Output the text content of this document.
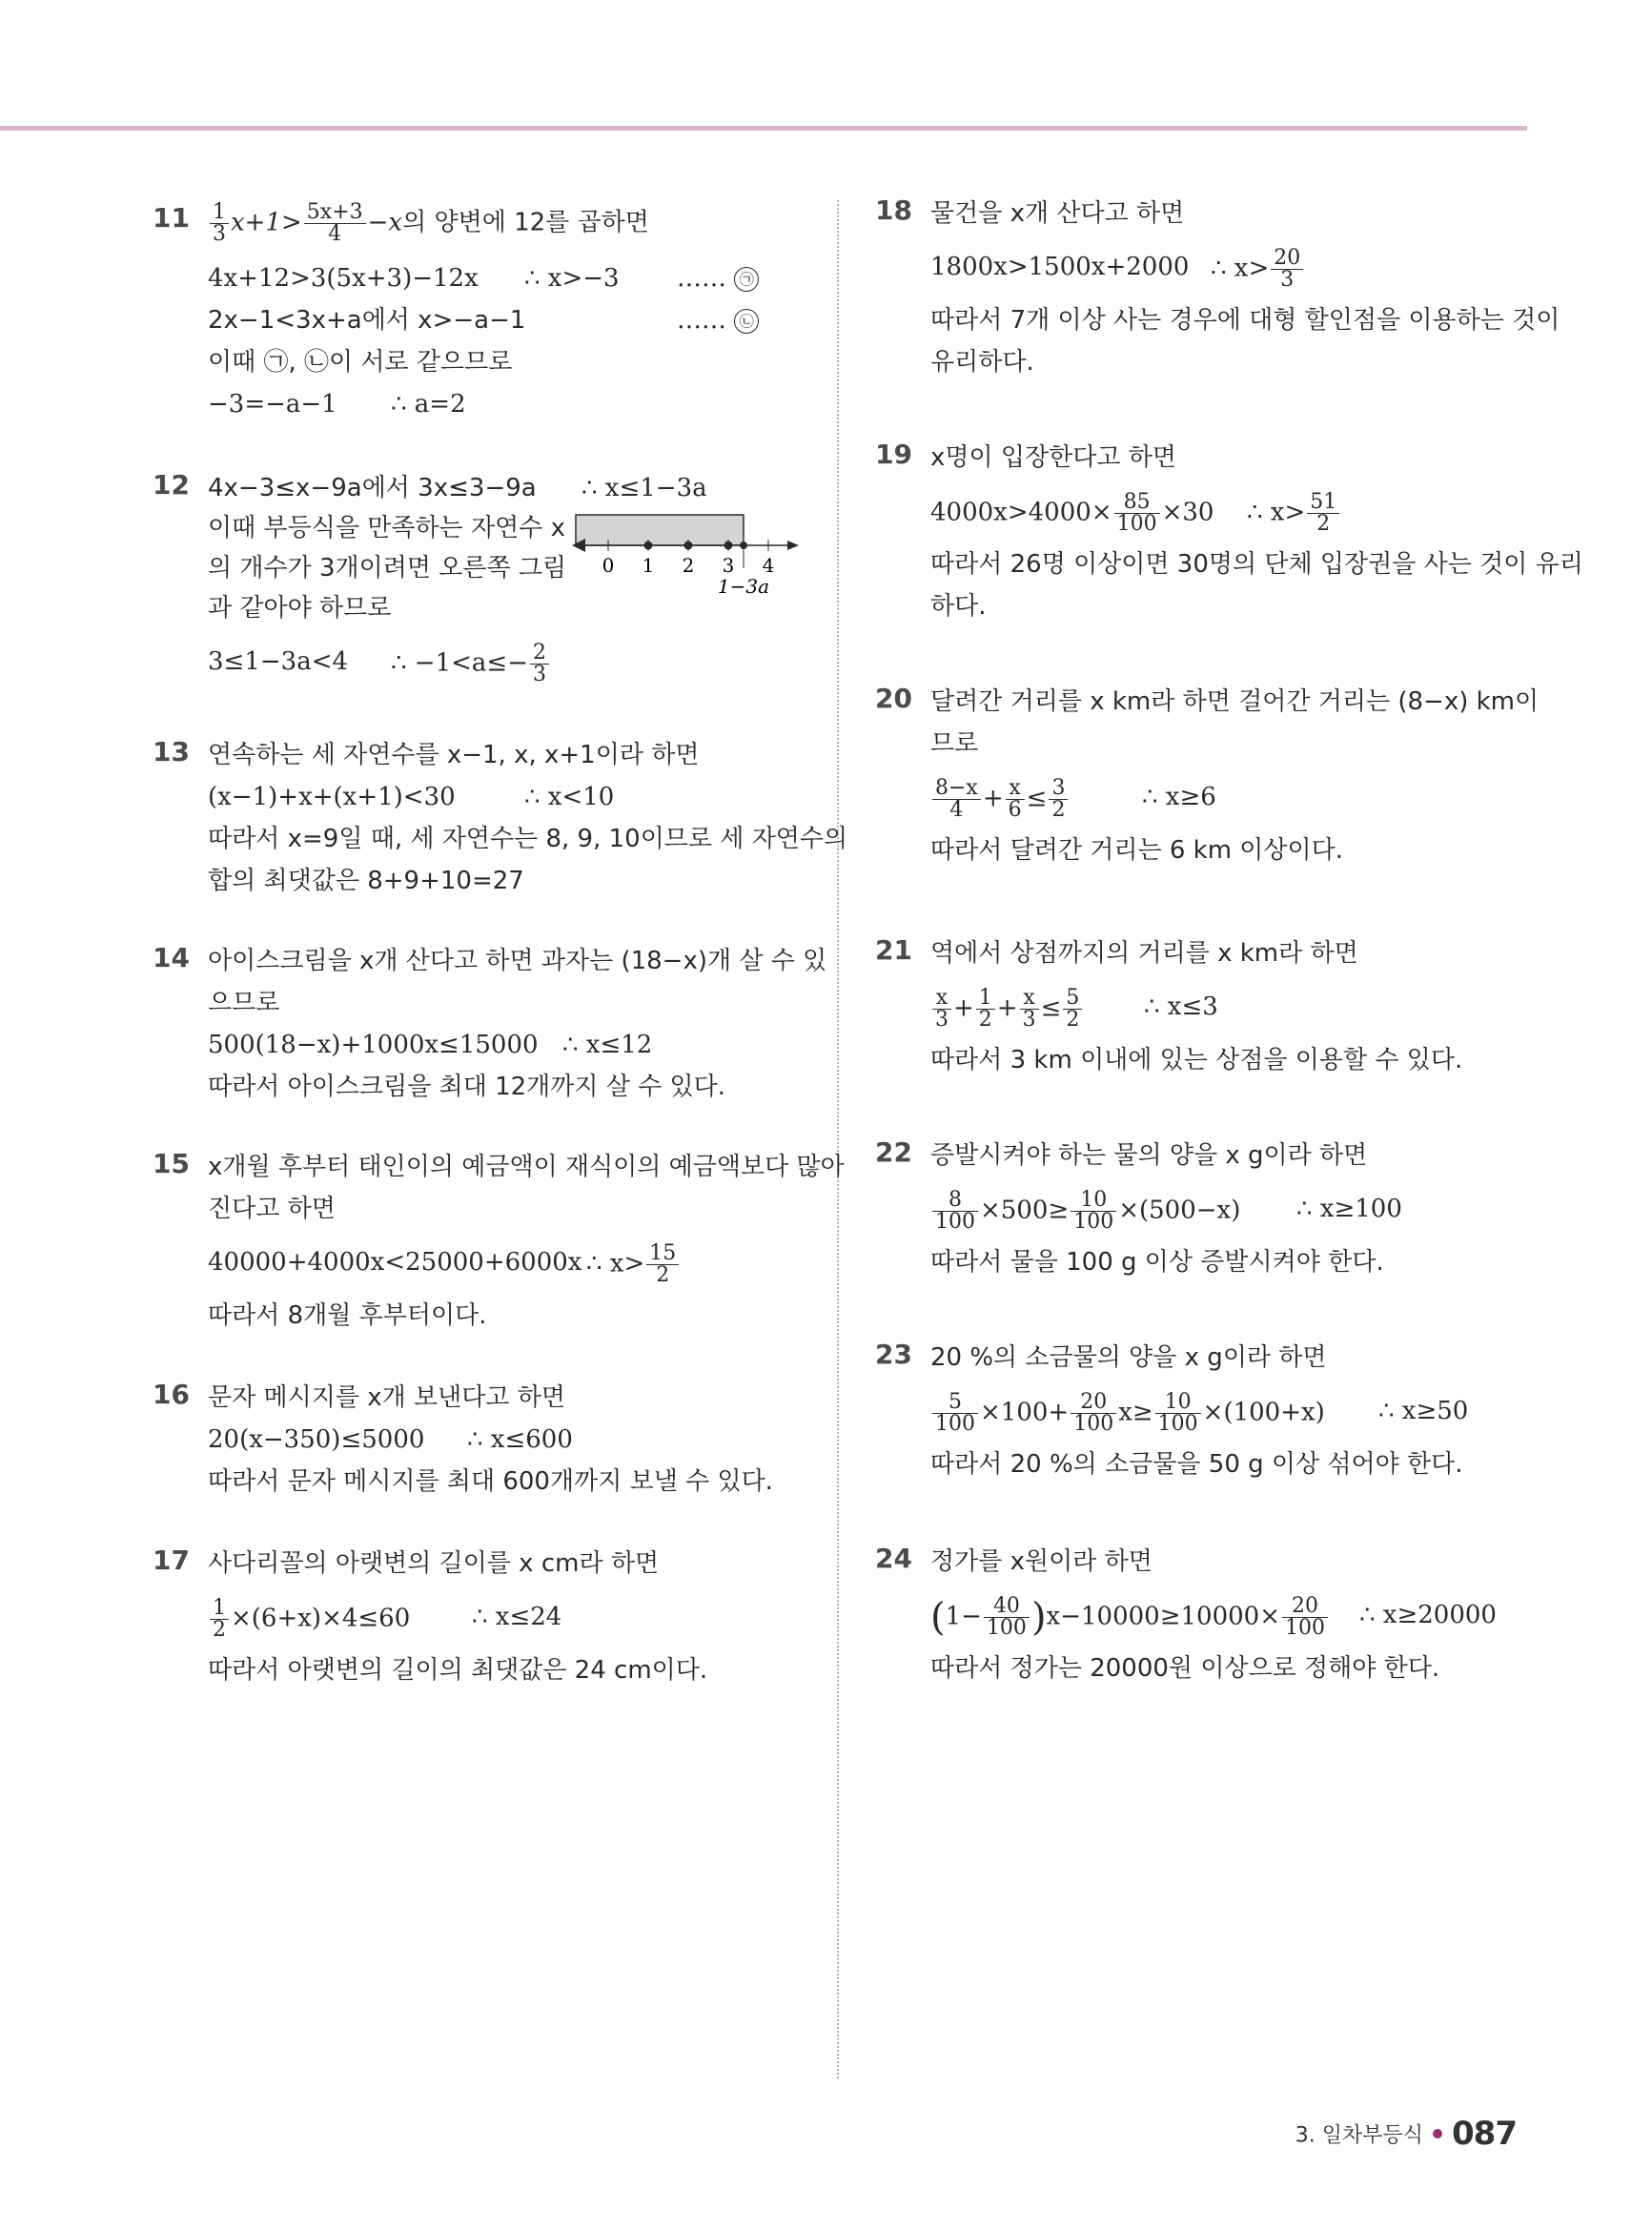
$11 \frac{1}{3} x+1> \frac{5x+3}{4} -x$의 양변에 12를 곱하면
4x+12>3(5x+3)−12x ∴ x>−3 …… ㉠
2x−1<3x+a에서 x>−a−1	…… ㉡
이때 ㉠, ㉡이 서로 같으므로
−3=−a−1 ∴ a=2
12 4x−3≤x−9a에서 3x≤3−9a ∴ x≤1−3a
이때 부등식을 만족하는 자연수 x
의 개수가 3개이려면 오른쪽 그림
과 같아야 하므로
3≤1−3a<4 ∴ $-1<a\le- \frac{2}{3}$
0 1 2 3 4
1−3a
13 연속하는 세 자연수를 x−1, x, x+1이라 하면
(x−1)+x+(x+1)<30	∴ x<10
따라서 x=9일 때, 세 자연수는 8, 9, 10이므로 세 자연수의
합의 최댓값은 8+9+10=27
14 아이스크림을 x개 산다고 하면 과자는 (18−x)개 살 수 있
으므로
500(18−x)+1000x≤15000 ∴ x≤12
따라서 아이스크림을 최대 12개까지 살 수 있다.
15 x개월 후부터 태인이의 예금액이 재식이의 예금액보다 많아
진다고 하면
40000+4000x<25000+6000x ∴ $x> \frac{15}{2}$
따라서 8개월 후부터이다.
16 문자 메시지를 x개 보낸다고 하면
20(x−350)≤5000 ∴ x≤600
따라서 문자 메시지를 최대 600개까지 보낼 수 있다.
17 사다리꼴의 아랫변의 길이를 x cm라 하면
$\frac{1}{2} \times(6+x)\times 4\le 60$ ∴ x≤24
따라서 아랫변의 길이의 최댓값은 24 cm이다.
18 물건을 x개 산다고 하면
1800x>1500x+2000 ∴ $x> \frac{20}{3}$
따라서 7개 이상 사는 경우에 대형 할인점을 이용하는 것이
유리하다.
19 x명이 입장한다고 하면
$4000x>4000\times \frac{85}{100} \times 30$ ∴ $x> \frac{51}{2}$
따라서 26명 이상이면 30명의 단체 입장권을 사는 것이 유리
하다.
20 달려간 거리를 x km라 하면 걸어간 거리는 (8−x) km이
므로
$\frac{8-x}{4} + \frac{x}{6} \le \frac{3}{2}$	∴ x≥6
따라서 달려간 거리는 6 km 이상이다.
21 역에서 상점까지의 거리를 x km라 하면
$\frac{x}{3} + \frac{1}{2} + \frac{x}{3} \le \frac{5}{2}$ ∴ x≤3
따라서 3 km 이내에 있는 상점을 이용할 수 있다.
22 증발시켜야 하는 물의 양을 x g이라 하면
$\frac{8}{100} \times 500\ge \frac{10}{100} \times(500-x)$ ∴ x≥100
따라서 물을 100 g 이상 증발시켜야 한다.
23 20 %의 소금물의 양을 x g이라 하면
$\frac{5}{100} \times 100+ \frac{20}{100} x\ge \frac{10}{100} \times(100+x)$ ∴ x≥50
따라서 20 %의 소금물을 50 g 이상 섞어야 한다.
24 정가를 x원이라 하면
$(1- \frac{40}{100} )x-10000\ge 10000\times \frac{20}{100}$ ∴ x≥20000
따라서 정가는 20000원 이상으로 정해야 한다.
3. 일차부등식 087
